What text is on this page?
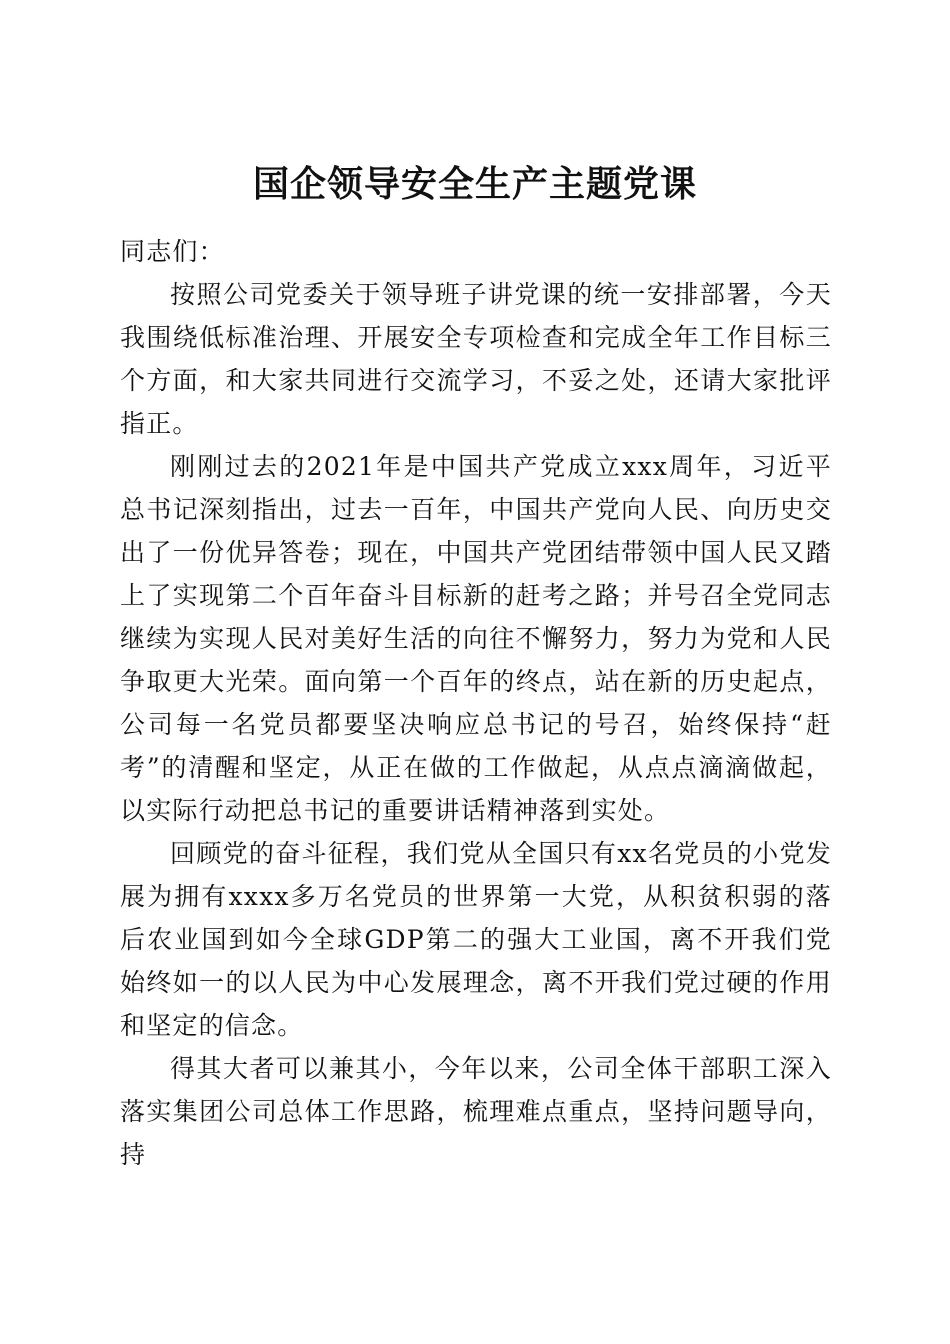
国企领导安全生产主题党课

同志们：

按照公司党委关于领导班子讲党课的统一安排部署，今天我围绕低标准治理、开展安全专项检查和完成全年工作目标三个方面，和大家共同进行交流学习，不妥之处，还请大家批评指正。

刚刚过去的2021年是中国共产党成立xxx周年，习近平总书记深刻指出，过去一百年，中国共产党向人民、向历史交出了一份优异答卷；现在，中国共产党团结带领中国人民又踏上了实现第二个百年奋斗目标新的赶考之路；并号召全党同志继续为实现人民对美好生活的向往不懈努力，努力为党和人民争取更大光荣。面向第一个百年的终点，站在新的历史起点，公司每一名党员都要坚决响应总书记的号召，始终保持“赶考”的清醒和坚定，从正在做的工作做起，从点点滴滴做起，以实际行动把总书记的重要讲话精神落到实处。

回顾党的奋斗征程，我们党从全国只有xx名党员的小党发展为拥有xxxx多万名党员的世界第一大党，从积贫积弱的落后农业国到如今全球GDP第二的强大工业国，离不开我们党始终如一的以人民为中心发展理念，离不开我们党过硬的作用和坚定的信念。

得其大者可以兼其小，今年以来，公司全体干部职工深入落实集团公司总体工作思路，梳理难点重点，坚持问题导向，持
